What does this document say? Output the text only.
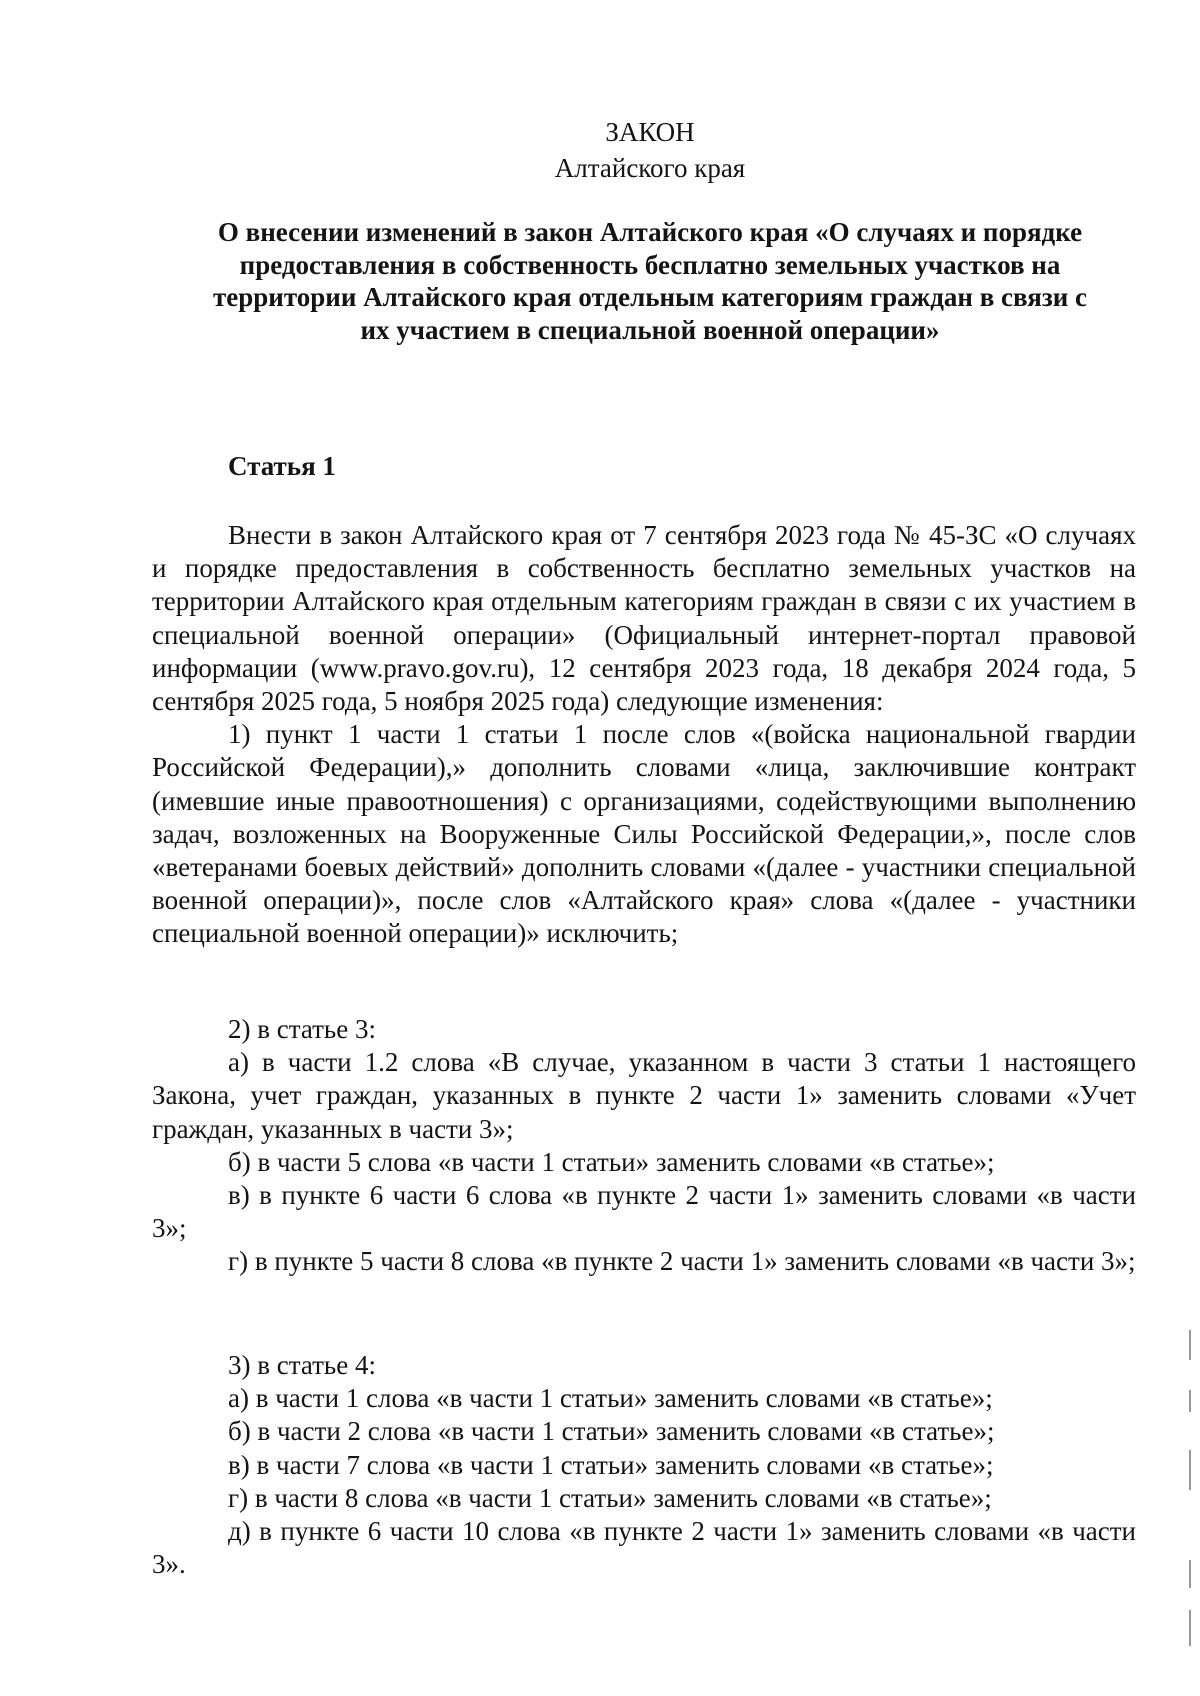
ЗАКОН
Алтайского края
О внесении изменений в закон Алтайского края «О случаях и порядке предоставления в собственность бесплатно земельных участков на территории Алтайского края отдельным категориям граждан в связи с их участием в специальной военной операции»
Статья 1

Внести в закон Алтайского края от 7 сентября 2023 года № 45-ЗС «О случаях и порядке предоставления в собственность бесплатно земельных участков на территории Алтайского края отдельным категориям граждан в связи с их участием в специальной военной операции» (Официальный интернет-портал правовой информации (www.pravo.gov.ru), 12 сентября 2023 года, 18 декабря 2024 года, 5 сентября 2025 года, 5 ноября 2025 года) следующие изменения:

1) пункт 1 части 1 статьи 1 после слов «(войска национальной гвардии Российской Федерации),» дополнить словами «лица, заключившие контракт (имевшие иные правоотношения) с организациями, содействующими выполнению задач, возложенных на Вооруженные Силы Российской Федерации,», после слов «ветеранами боевых действий» дополнить словами «(далее - участники специальной военной операции)», после слов «Алтайского края» слова «(далее - участники специальной военной операции)» исключить;

2) в статье 3:

а) в части 1.2 слова «В случае, указанном в части 3 статьи 1 настоящего Закона, учет граждан, указанных в пункте 2 части 1» заменить словами «Учет граждан, указанных в части 3»;

б) в части 5 слова «в части 1 статьи» заменить словами «в статье»;

в) в пункте 6 части 6 слова «в пункте 2 части 1» заменить словами «в части 3»;

г) в пункте 5 части 8 слова «в пункте 2 части 1» заменить словами «в части 3»;

3) в статье 4:

а) в части 1 слова «в части 1 статьи» заменить словами «в статье»;

б) в части 2 слова «в части 1 статьи» заменить словами «в статье»;

в) в части 7 слова «в части 1 статьи» заменить словами «в статье»;

г) в части 8 слова «в части 1 статьи» заменить словами «в статье»;

д) в пункте 6 части 10 слова «в пункте 2 части 1» заменить словами «в части 3».
